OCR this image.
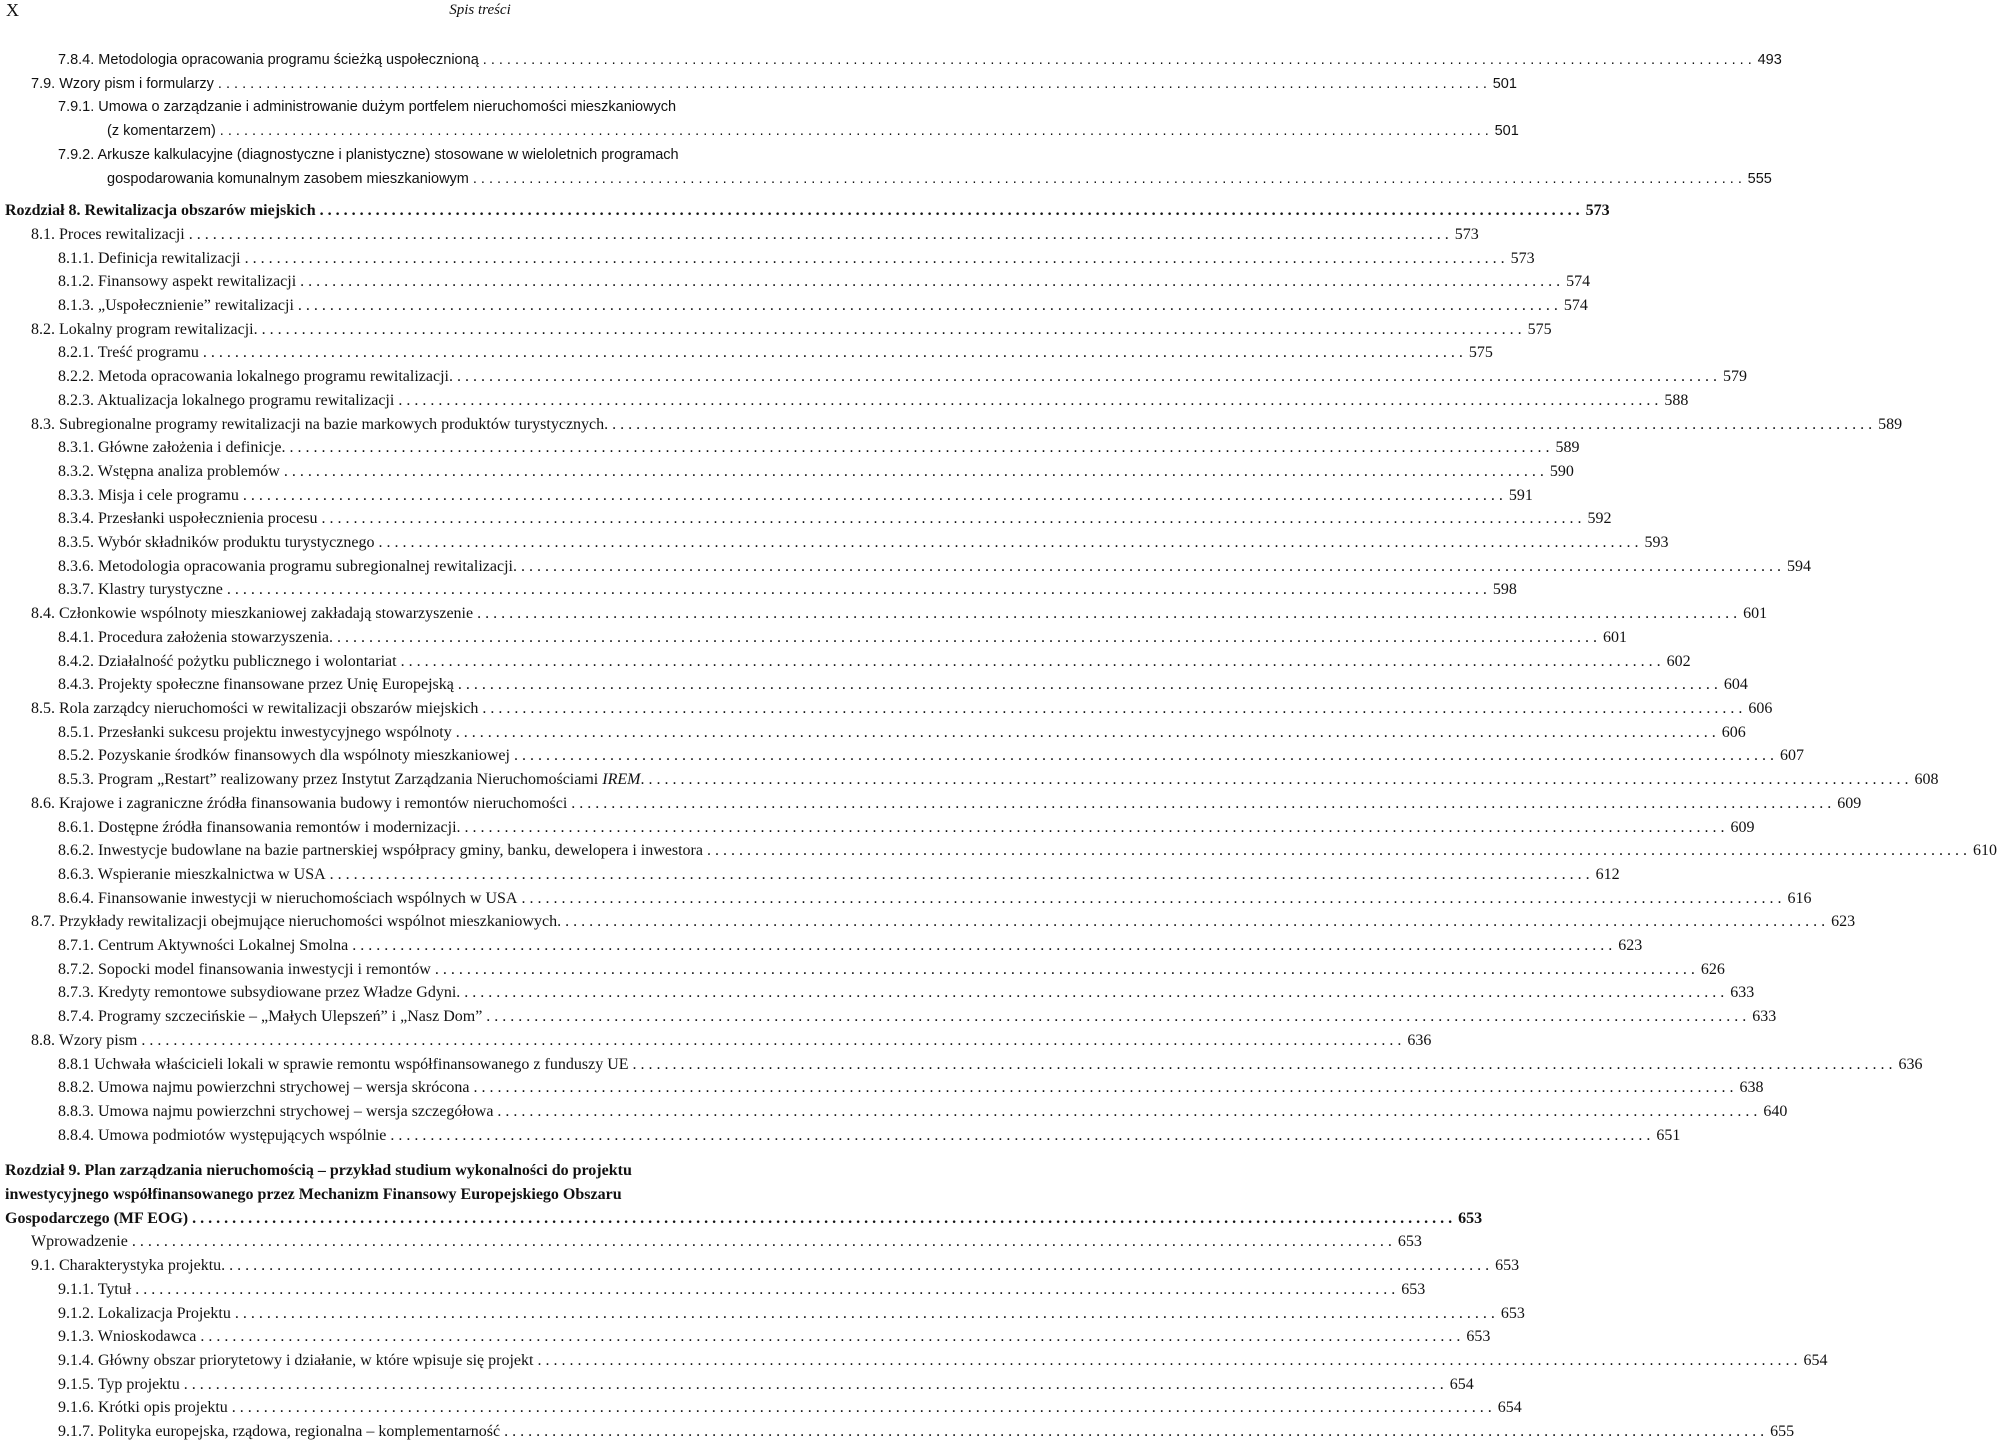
X	Spis treści
7.8.4. Metodologia opracowania programu ścieżką uspołecznioną . . .	493
7.9. Wzory pism i formularzy . . .	501
7.9.1. Umowa o zarządzanie i administrowanie dużym portfelem nieruchomości mieszkaniowych
(z komentarzem) . . .	501
7.9.2. Arkusze kalkulacyjne (diagnostyczne i planistyczne) stosowane w wieloletnich programach
gospodarowania komunalnym zasobem mieszkaniowym . . .	555
Rozdział 8. Rewitalizacja obszarów miejskich . . .	573
8.1. Proces rewitalizacji . . .	573
8.1.1. Definicja rewitalizacji . . .	573
8.1.2. Finansowy aspekt rewitalizacji . . .	574
8.1.3. „Uspołecznienie” rewitalizacji . . .	574
8.2. Lokalny program rewitalizacji. . . .	575
8.2.1. Treść programu . . .	575
8.2.2. Metoda opracowania lokalnego programu rewitalizacji. . . .	579
8.2.3. Aktualizacja lokalnego programu rewitalizacji . . .	588
8.3. Subregionalne programy rewitalizacji na bazie markowych produktów turystycznych. . . .	589
8.3.1. Główne założenia i definicje. . . .	589
8.3.2. Wstępna analiza problemów . . .	590
8.3.3. Misja i cele programu . . .	591
8.3.4. Przesłanki uspołecznienia procesu . . .	592
8.3.5. Wybór składników produktu turystycznego . . .	593
8.3.6. Metodologia opracowania programu subregionalnej rewitalizacji. . . .	594
8.3.7. Klastry turystyczne . . .	598
8.4. Członkowie wspólnoty mieszkaniowej zakładają stowarzyszenie . . .	601
8.4.1. Procedura założenia stowarzyszenia. . . .	601
8.4.2. Działalność pożytku publicznego i wolontariat . . .	602
8.4.3. Projekty społeczne finansowane przez Unię Europejską . . .	604
8.5. Rola zarządcy nieruchomości w rewitalizacji obszarów miejskich . . .	606
8.5.1. Przesłanki sukcesu projektu inwestycyjnego wspólnoty . . .	606
8.5.2. Pozyskanie środków finansowych dla wspólnoty mieszkaniowej . . .	607
8.5.3. Program „Restart” realizowany przez Instytut Zarządzania Nieruchomościami IREM. . . .	608
8.6. Krajowe i zagraniczne źródła finansowania budowy i remontów nieruchomości . . .	609
8.6.1. Dostępne źródła finansowania remontów i modernizacji. . . .	609
8.6.2. Inwestycje budowlane na bazie partnerskiej współpracy gminy, banku, dewelopera i inwestora . . .	610
8.6.3. Wspieranie mieszkalnictwa w USA . . .	612
8.6.4. Finansowanie inwestycji w nieruchomościach wspólnych w USA . . .	616
8.7. Przykłady rewitalizacji obejmujące nieruchomości wspólnot mieszkaniowych. . . .	623
8.7.1. Centrum Aktywności Lokalnej Smolna . . .	623
8.7.2. Sopocki model finansowania inwestycji i remontów . . .	626
8.7.3. Kredyty remontowe subsydiowane przez Władze Gdyni. . . .	633
8.7.4. Programy szczecińskie – „Małych Ulepszeń” i „Nasz Dom” . . .	633
8.8. Wzory pism . . .	636
8.8.1 Uchwała właścicieli lokali w sprawie remontu współfinansowanego z funduszy UE . . .	636
8.8.2. Umowa najmu powierzchni strychowej – wersja skrócona . . .	638
8.8.3. Umowa najmu powierzchni strychowej – wersja szczegółowa . . .	640
8.8.4. Umowa podmiotów występujących wspólnie . . .	651
Rozdział 9. Plan zarządzania nieruchomością – przykład studium wykonalności do projektu
inwestycyjnego współfinansowanego przez Mechanizm Finansowy Europejskiego Obszaru
Gospodarczego (MF EOG) . . .	653
Wprowadzenie . . .	653
9.1. Charakterystyka projektu. . . .	653
9.1.1. Tytuł . . .	653
9.1.2. Lokalizacja Projektu . . .	653
9.1.3. Wnioskodawca . . .	653
9.1.4. Główny obszar priorytetowy i działanie, w które wpisuje się projekt . . .	654
9.1.5. Typ projektu . . .	654
9.1.6. Krótki opis projektu . . .	654
9.1.7. Polityka europejska, rządowa, regionalna – komplementarność . . .	655
